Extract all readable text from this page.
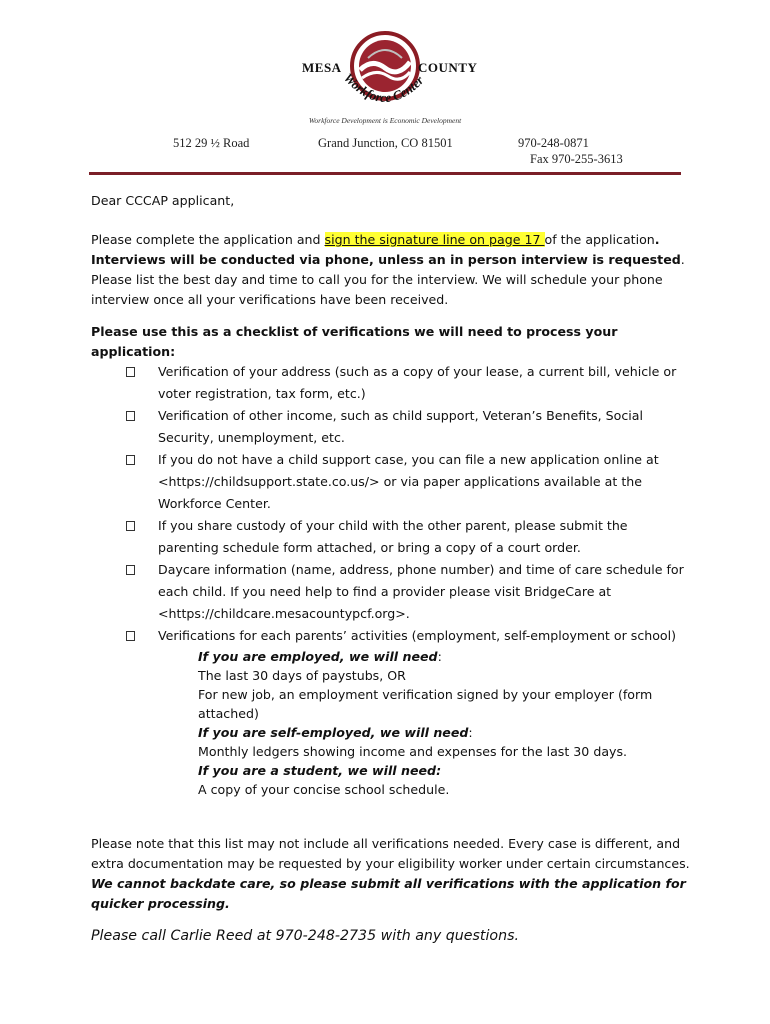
Workforce Center
MESA	COUNTY
Workforce Development is Economic Development
512 29 ½ Road	Grand Junction, CO 81501	970-248-0871
Fax 970-255-3613
Dear CCCAP applicant,
Please complete the application and sign the signature line on page 17 of the application.
Interviews will be conducted via phone, unless an in person interview is requested. Please list the best day and time to call you for the interview. We will schedule your phone interview once all your verifications have been received.
Please use this as a checklist of verifications we will need to process your application:
Verification of your address (such as a copy of your lease, a current bill, vehicle or voter registration, tax form, etc.)
Verification of other income, such as child support, Veteran’s Benefits, Social Security, unemployment, etc.
If you do not have a child support case, you can file a new application online at <https://childsupport.state.co.us/> or via paper applications available at the Workforce Center.
If you share custody of your child with the other parent, please submit the parenting schedule form attached, or bring a copy of a court order.
Daycare information (name, address, phone number) and time of care schedule for each child. If you need help to find a provider please visit BridgeCare at <https://childcare.mesacountypcf.org>.
Verifications for each parents’ activities (employment, self-employment or school)
If you are employed, we will need:
The last 30 days of paystubs, OR
For new job, an employment verification signed by your employer (form attached)
If you are self-employed, we will need:
Monthly ledgers showing income and expenses for the last 30 days.
If you are a student, we will need:
A copy of your concise school schedule.
Please note that this list may not include all verifications needed. Every case is different, and extra documentation may be requested by your eligibility worker under certain circumstances. We cannot backdate care, so please submit all verifications with the application for quicker processing.
Please call Carlie Reed at 970-248-2735 with any questions.
